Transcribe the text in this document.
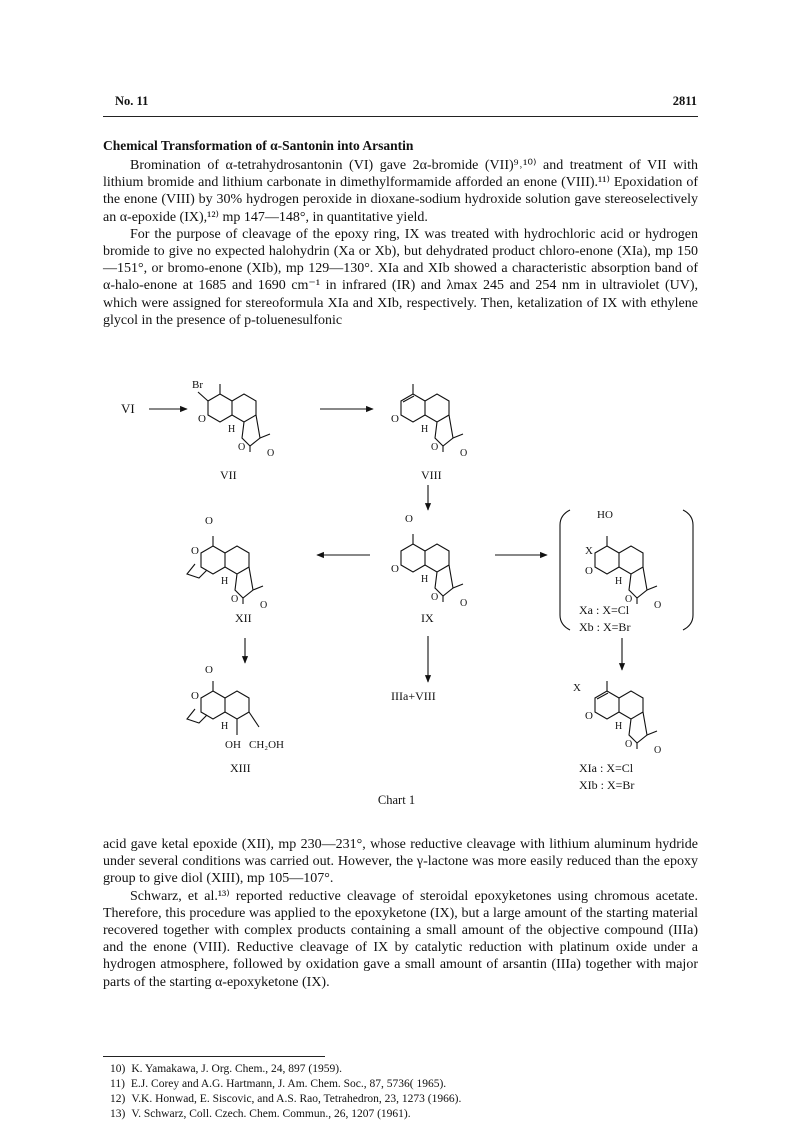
No. 11	2811
Chemical Transformation of α-Santonin into Arsantin
Bromination of α-tetrahydrosantonin (VI) gave 2α-bromide (VII)⁹˒¹⁰⁾ and treatment of VII with lithium bromide and lithium carbonate in dimethylformamide afforded an enone (VIII).¹¹⁾ Epoxidation of the enone (VIII) by 30% hydrogen peroxide in dioxane-sodium hydroxide solution gave stereoselectively an α-epoxide (IX),¹²⁾ mp 147—148°, in quantitative yield.
For the purpose of cleavage of the epoxy ring, IX was treated with hydrochloric acid or hydrogen bromide to give no expected halohydrin (Xa or Xb), but dehydrated product chloro-enone (XIa), mp 150—151°, or bromo-enone (XIb), mp 129—130°. XIa and XIb showed a characteristic absorption band of α-halo-enone at 1685 and 1690 cm⁻¹ in infrared (IR) and λmax 245 and 254 nm in ultraviolet (UV), which were assigned for stereoformula XIa and XIb, respectively. Then, ketalization of IX with ethylene glycol in the presence of p-toluenesulfonic
VI
Br
O
H
O
O
VII
O
H
O
O
VIII
O
O
H
O
O
XII
O
O
H
O
O
IX
HO
X
O
H
O
O
Xa : X=Cl
Xb : X=Br
O
O
H
OH CH₂OH
XIII
IIIa+VIII
X
O
H
O
O
XIa : X=Cl
XIb : X=Br
Chart 1
acid gave ketal epoxide (XII), mp 230—231°, whose reductive cleavage with lithium aluminum hydride under several conditions was carried out. However, the γ-lactone was more easily reduced than the epoxy group to give diol (XIII), mp 105—107°.
Schwarz, et al.¹³⁾ reported reductive cleavage of steroidal epoxyketones using chromous acetate. Therefore, this procedure was applied to the epoxyketone (IX), but a large amount of the starting material recovered together with complex products containing a small amount of the objective compound (IIIa) and the enone (VIII). Reductive cleavage of IX by catalytic reduction with platinum oxide under a hydrogen atmosphere, followed by oxidation gave a small amount of arsantin (IIIa) together with major parts of the starting α-epoxyketone (IX).
10) K. Yamakawa, J. Org. Chem., 24, 897 (1959).
11) E.J. Corey and A.G. Hartmann, J. Am. Chem. Soc., 87, 5736( 1965).
12) V.K. Honwad, E. Siscovic, and A.S. Rao, Tetrahedron, 23, 1273 (1966).
13) V. Schwarz, Coll. Czech. Chem. Commun., 26, 1207 (1961).
